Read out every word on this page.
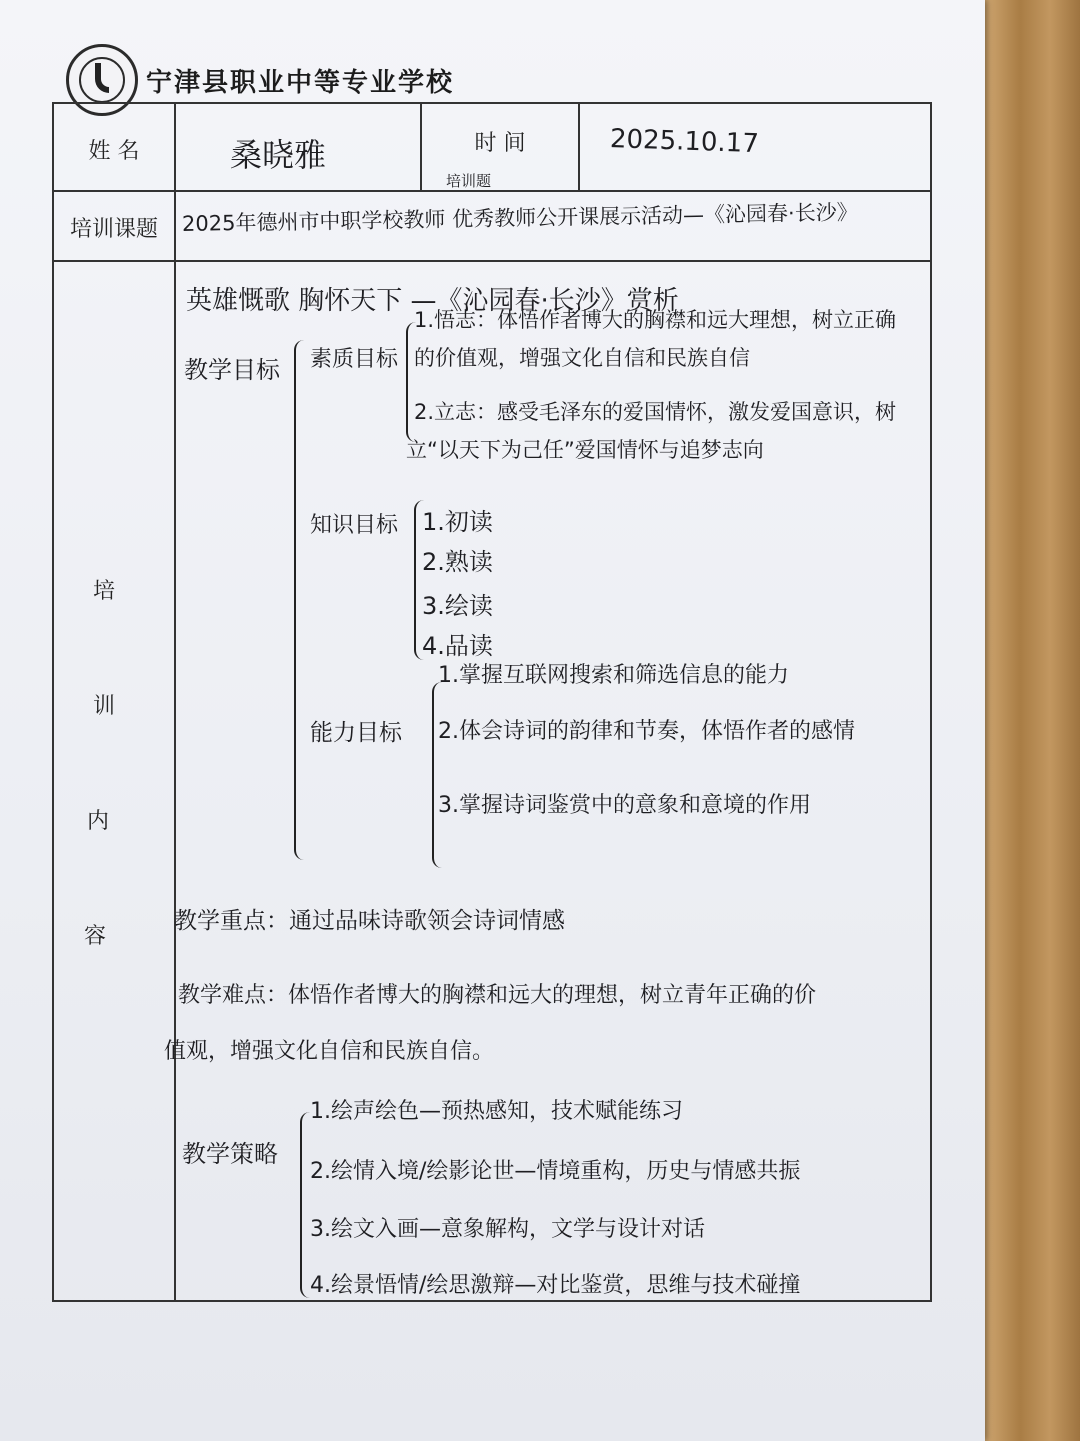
宁津县职业中等专业学校
姓 名	时 间
培训课题
培
训
内
容
桑晓雅	2025.10.17
培训题
2025年德州市中职学校教师 优秀教师公开课展示活动—《沁园春·长沙》
英雄慨歌 胸怀天下 —《沁园春·长沙》赏析
教学目标 素质目标
1.悟志：体悟作者博大的胸襟和远大理想，树立正确
的价值观，增强文化自信和民族自信
2.立志：感受毛泽东的爱国情怀，激发爱国意识，树
立“以天下为己任”爱国情怀与追梦志向
知识目标 1.初读
2.熟读
3.绘读
4.品读
能力目标
1.掌握互联网搜索和筛选信息的能力
2.体会诗词的韵律和节奏，体悟作者的感情
3.掌握诗词鉴赏中的意象和意境的作用
教学重点：通过品味诗歌领会诗词情感
教学难点：体悟作者博大的胸襟和远大的理想，树立青年正确的价
值观，增强文化自信和民族自信。
教学策略
1.绘声绘色—预热感知，技术赋能练习
2.绘情入境/绘影论世—情境重构，历史与情感共振
3.绘文入画—意象解构，文学与设计对话
4.绘景悟情/绘思激辩—对比鉴赏，思维与技术碰撞
